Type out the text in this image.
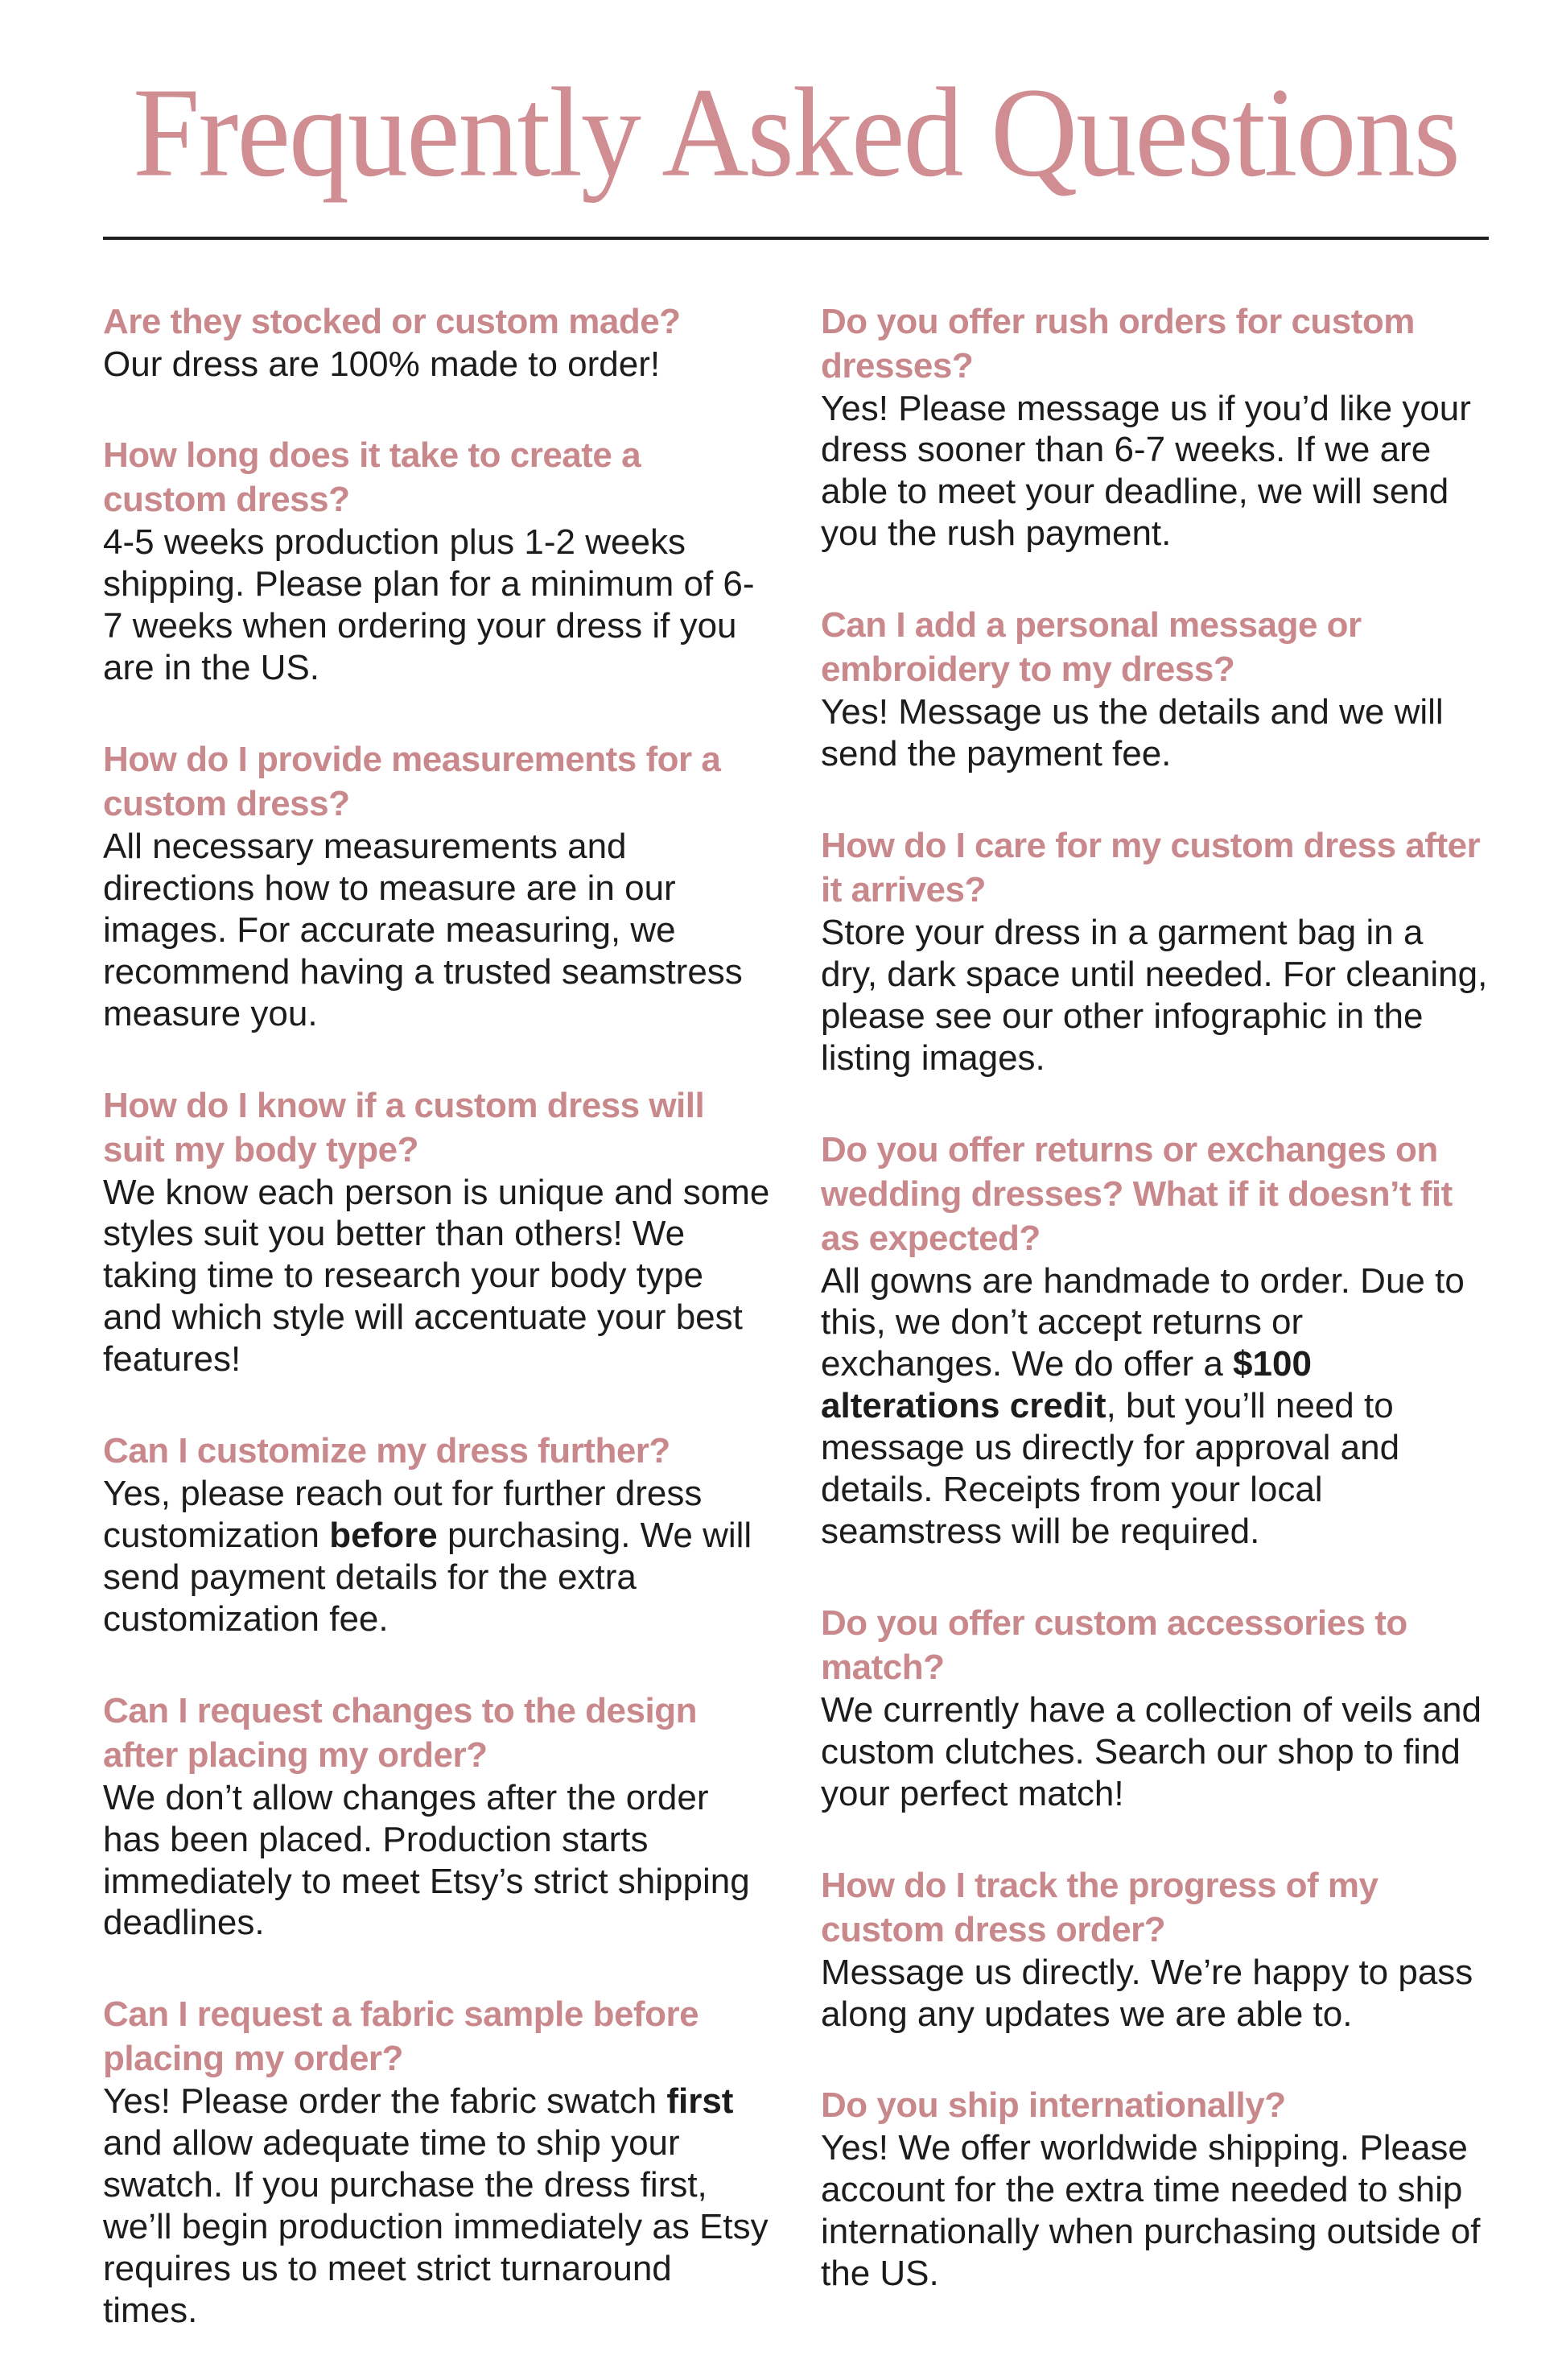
Frequently Asked Questions
Are they stocked or custom made?

Our dress are 100% made to order!

How long does it take to create a custom dress?

4-5 weeks production plus 1-2 weeks shipping. Please plan for a minimum of 6-7 weeks when ordering your dress if you are in the US.

How do I provide measurements for a custom dress?

All necessary measurements and directions how to measure are in our images. For accurate measuring, we recommend having a trusted seamstress measure you.

How do I know if a custom dress will suit my body type?

We know each person is unique and some styles suit you better than others! We taking time to research your body type and which style will accentuate your best features!

Can I customize my dress further?

Yes, please reach out for further dress customization before purchasing. We will send payment details for the extra customization fee.

Can I request changes to the design after placing my order?

We don’t allow changes after the order has been placed. Production starts immediately to meet Etsy’s strict shipping deadlines.

Can I request a fabric sample before placing my order?

Yes! Please order the fabric swatch first and allow adequate time to ship your swatch. If you purchase the dress first, we’ll begin production immediately as Etsy requires us to meet strict turnaround times.

Do you offer rush orders for custom dresses?

Yes! Please message us if you’d like your dress sooner than 6-7 weeks. If we are able to meet your deadline, we will send you the rush payment.

Can I add a personal message or embroidery to my dress?

Yes! Message us the details and we will send the payment fee.

How do I care for my custom dress after it arrives?

Store your dress in a garment bag in a dry, dark space until needed. For cleaning, please see our other infographic in the listing images.

Do you offer returns or exchanges on wedding dresses? What if it doesn’t fit as expected?

All gowns are handmade to order. Due to this, we don’t accept returns or exchanges. We do offer a $100 alterations credit, but you’ll need to message us directly for approval and details. Receipts from your local seamstress will be required.

Do you offer custom accessories to match?

We currently have a collection of veils and custom clutches. Search our shop to find your perfect match!

How do I track the progress of my custom dress order?

Message us directly. We’re happy to pass along any updates we are able to.

Do you ship internationally?

Yes! We offer worldwide shipping. Please account for the extra time needed to ship internationally when purchasing outside of the US.
